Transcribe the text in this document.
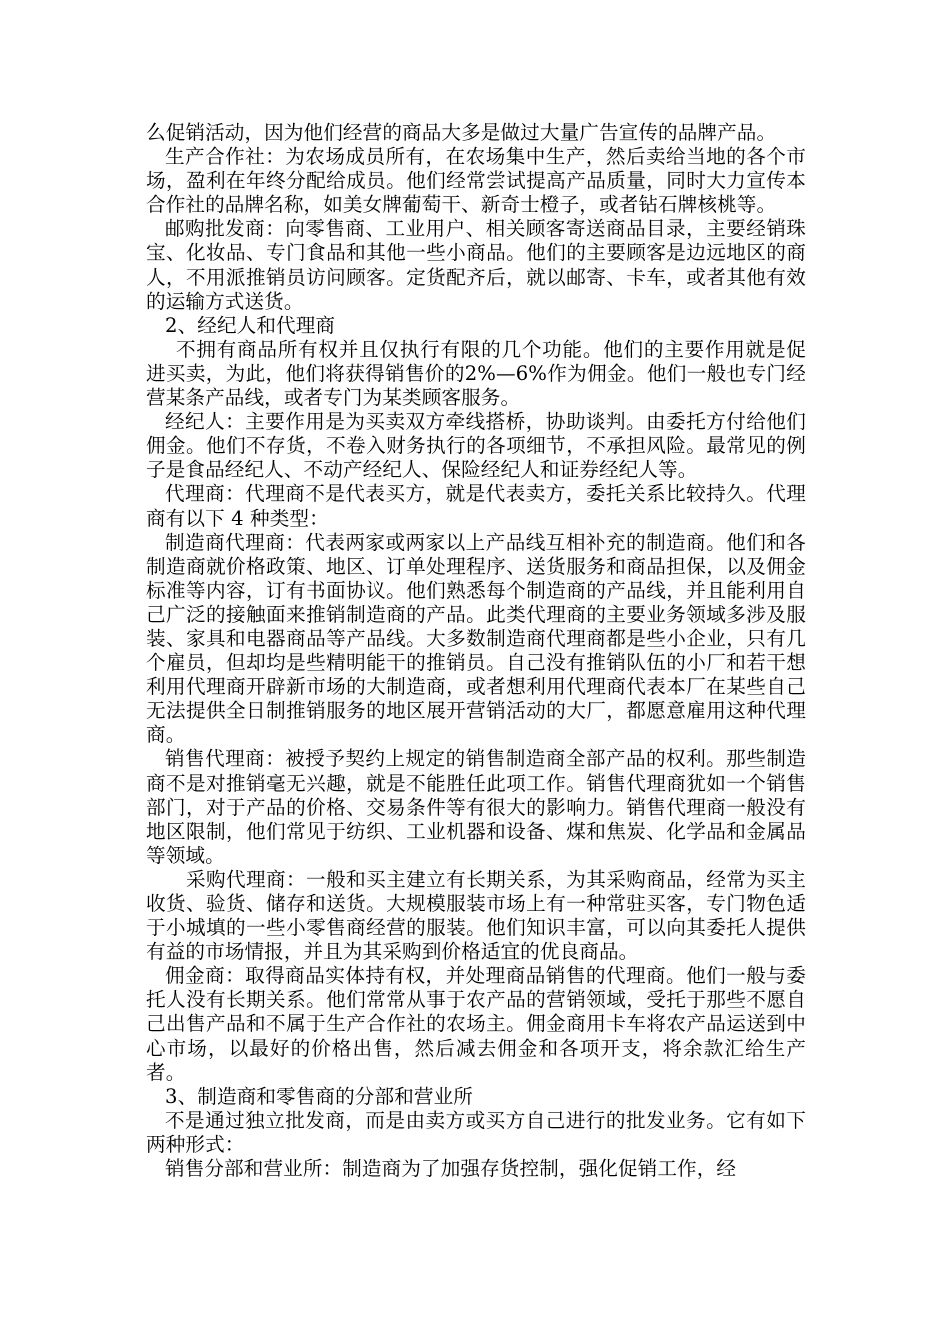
么促销活动，因为他们经营的商品大多是做过大量广告宣传的品牌产品。

生产合作社：为农场成员所有，在农场集中生产，然后卖给当地的各个市场，盈利在年终分配给成员。他们经常尝试提高产品质量，同时大力宣传本合作社的品牌名称，如美女牌葡萄干、新奇士橙子，或者钻石牌核桃等。

邮购批发商：向零售商、工业用户、相关顾客寄送商品目录，主要经销珠宝、化妆品、专门食品和其他一些小商品。他们的主要顾客是边远地区的商人，不用派推销员访问顾客。定货配齐后，就以邮寄、卡车，或者其他有效的运输方式送货。

2、经纪人和代理商

不拥有商品所有权并且仅执行有限的几个功能。他们的主要作用就是促进买卖，为此，他们将获得销售价的2%—6%作为佣金。他们一般也专门经营某条产品线，或者专门为某类顾客服务。

经纪人：主要作用是为买卖双方牵线搭桥，协助谈判。由委托方付给他们佣金。他们不存货，不卷入财务执行的各项细节，不承担风险。最常见的例子是食品经纪人、不动产经纪人、保险经纪人和证券经纪人等。

代理商：代理商不是代表买方，就是代表卖方，委托关系比较持久。代理商有以下 4 种类型：

制造商代理商：代表两家或两家以上产品线互相补充的制造商。他们和各制造商就价格政策、地区、订单处理程序、送货服务和商品担保，以及佣金标准等内容，订有书面协议。他们熟悉每个制造商的产品线，并且能利用自己广泛的接触面来推销制造商的产品。此类代理商的主要业务领域多涉及服装、家具和电器商品等产品线。大多数制造商代理商都是些小企业，只有几个雇员，但却均是些精明能干的推销员。自己没有推销队伍的小厂和若干想利用代理商开辟新市场的大制造商，或者想利用代理商代表本厂在某些自己无法提供全日制推销服务的地区展开营销活动的大厂，都愿意雇用这种代理商。

销售代理商：被授予契约上规定的销售制造商全部产品的权利。那些制造商不是对推销毫无兴趣，就是不能胜任此项工作。销售代理商犹如一个销售部门，对于产品的价格、交易条件等有很大的影响力。销售代理商一般没有地区限制，他们常见于纺织、工业机器和设备、煤和焦炭、化学品和金属品等领域。

采购代理商：一般和买主建立有长期关系，为其采购商品，经常为买主收货、验货、储存和送货。大规模服装市场上有一种常驻买客，专门物色适于小城填的一些小零售商经营的服装。他们知识丰富，可以向其委托人提供有益的市场情报，并且为其采购到价格适宜的优良商品。

佣金商：取得商品实体持有权，并处理商品销售的代理商。他们一般与委托人没有长期关系。他们常常从事于农产品的营销领域，受托于那些不愿自己出售产品和不属于生产合作社的农场主。佣金商用卡车将农产品运送到中心市场，以最好的价格出售，然后减去佣金和各项开支，将余款汇给生产者。

3、制造商和零售商的分部和营业所

不是通过独立批发商，而是由卖方或买方自己进行的批发业务。它有如下两种形式：

销售分部和营业所：制造商为了加强存货控制，强化促销工作，经
